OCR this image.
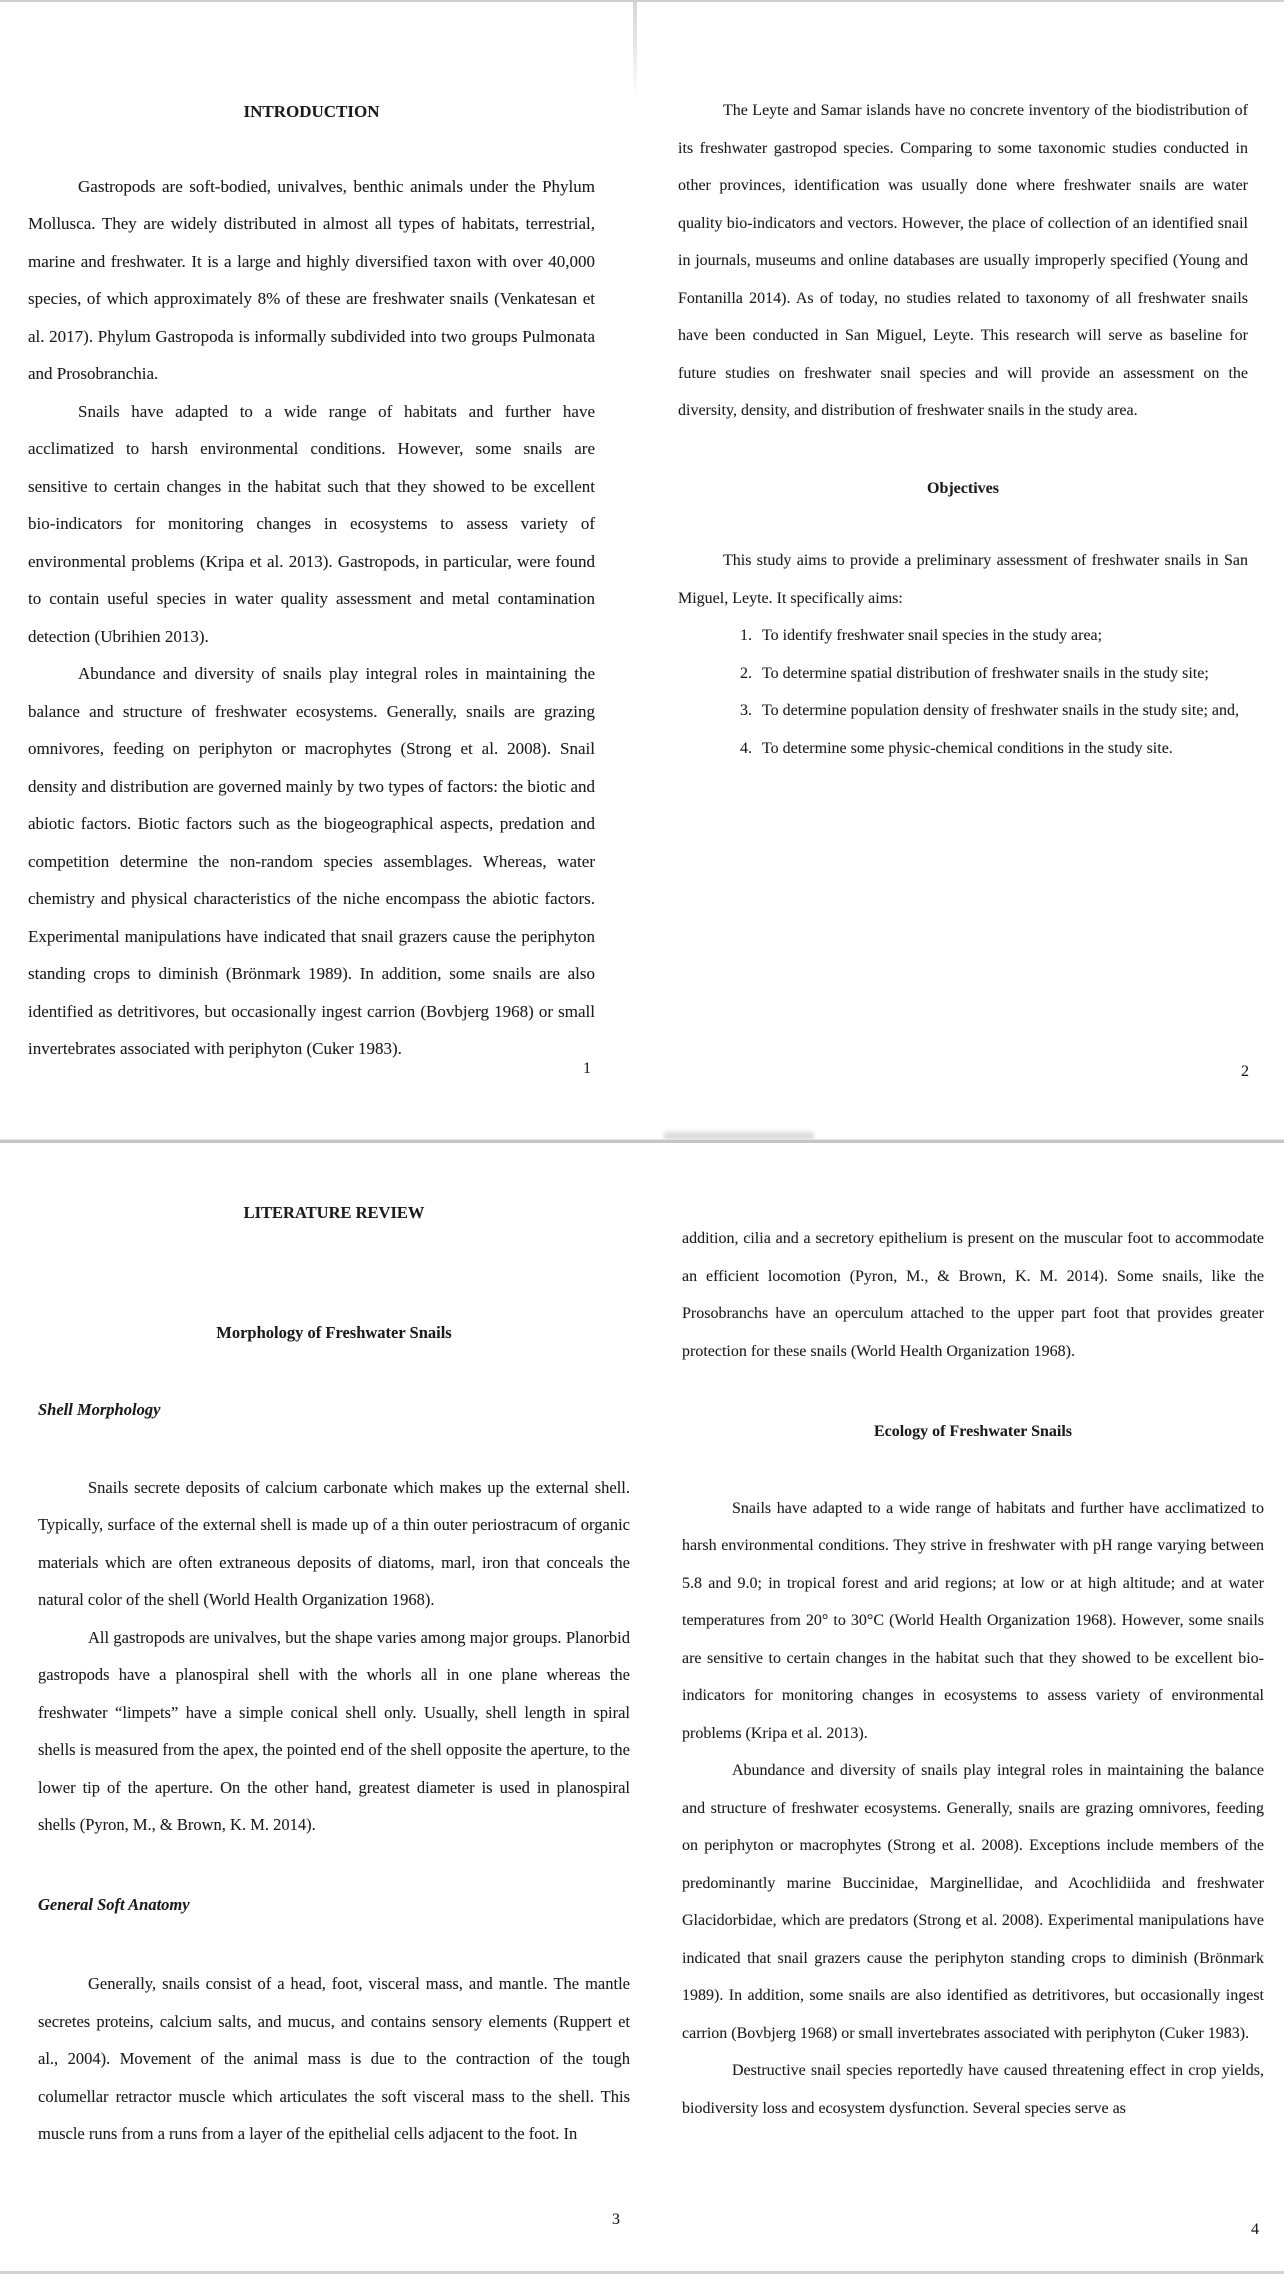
INTRODUCTION

Gastropods are soft-bodied, univalves, benthic animals under the Phylum Mollusca. They are widely distributed in almost all types of habitats, terrestrial, marine and freshwater. It is a large and highly diversified taxon with over 40,000 species, of which approximately 8% of these are freshwater snails (Venkatesan et al. 2017). Phylum Gastropoda is informally subdivided into two groups Pulmonata and Prosobranchia.

Snails have adapted to a wide range of habitats and further have acclimatized to harsh environmental conditions. However, some snails are sensitive to certain changes in the habitat such that they showed to be excellent bio-indicators for monitoring changes in ecosystems to assess variety of environmental problems (Kripa et al. 2013). Gastropods, in particular, were found to contain useful species in water quality assessment and metal contamination detection (Ubrihien 2013).

Abundance and diversity of snails play integral roles in maintaining the balance and structure of freshwater ecosystems. Generally, snails are grazing omnivores, feeding on periphyton or macrophytes (Strong et al. 2008). Snail density and distribution are governed mainly by two types of factors: the biotic and abiotic factors. Biotic factors such as the biogeographical aspects, predation and competition determine the non-random species assemblages. Whereas, water chemistry and physical characteristics of the niche encompass the abiotic factors. Experimental manipulations have indicated that snail grazers cause the periphyton standing crops to diminish (Brönmark 1989). In addition, some snails are also identified as detritivores, but occasionally ingest carrion (Bovbjerg 1968) or small invertebrates associated with periphyton (Cuker 1983).

1

The Leyte and Samar islands have no concrete inventory of the biodistribution of its freshwater gastropod species. Comparing to some taxonomic studies conducted in other provinces, identification was usually done where freshwater snails are water quality bio-indicators and vectors. However, the place of collection of an identified snail in journals, museums and online databases are usually improperly specified (Young and Fontanilla 2014). As of today, no studies related to taxonomy of all freshwater snails have been conducted in San Miguel, Leyte. This research will serve as baseline for future studies on freshwater snail species and will provide an assessment on the diversity, density, and distribution of freshwater snails in the study area.

Objectives

This study aims to provide a preliminary assessment of freshwater snails in San Miguel, Leyte. It specifically aims:

1. To identify freshwater snail species in the study area;
2. To determine spatial distribution of freshwater snails in the study site;
3. To determine population density of freshwater snails in the study site; and,
4. To determine some physic-chemical conditions in the study site.
2
LITERATURE REVIEW
Morphology of Freshwater Snails
Shell Morphology

Snails secrete deposits of calcium carbonate which makes up the external shell. Typically, surface of the external shell is made up of a thin outer periostracum of organic materials which are often extraneous deposits of diatoms, marl, iron that conceals the natural color of the shell (World Health Organization 1968).

All gastropods are univalves, but the shape varies among major groups. Planorbid gastropods have a planospiral shell with the whorls all in one plane whereas the freshwater “limpets” have a simple conical shell only. Usually, shell length in spiral shells is measured from the apex, the pointed end of the shell opposite the aperture, to the lower tip of the aperture. On the other hand, greatest diameter is used in planospiral shells (Pyron, M., & Brown, K. M. 2014).

General Soft Anatomy

Generally, snails consist of a head, foot, visceral mass, and mantle. The mantle secretes proteins, calcium salts, and mucus, and contains sensory elements (Ruppert et al., 2004). Movement of the animal mass is due to the contraction of the tough columellar retractor muscle which articulates the soft visceral mass to the shell. This muscle runs from a runs from a layer of the epithelial cells adjacent to the foot. In

3

addition, cilia and a secretory epithelium is present on the muscular foot to accommodate an efficient locomotion (Pyron, M., & Brown, K. M. 2014). Some snails, like the Prosobranchs have an operculum attached to the upper part foot that provides greater protection for these snails (World Health Organization 1968).

Ecology of Freshwater Snails

Snails have adapted to a wide range of habitats and further have acclimatized to harsh environmental conditions. They strive in freshwater with pH range varying between 5.8 and 9.0; in tropical forest and arid regions; at low or at high altitude; and at water temperatures from 20° to 30°C (World Health Organization 1968). However, some snails are sensitive to certain changes in the habitat such that they showed to be excellent bio-indicators for monitoring changes in ecosystems to assess variety of environmental problems (Kripa et al. 2013).

Abundance and diversity of snails play integral roles in maintaining the balance and structure of freshwater ecosystems. Generally, snails are grazing omnivores, feeding on periphyton or macrophytes (Strong et al. 2008). Exceptions include members of the predominantly marine Buccinidae, Marginellidae, and Acochlidiida and freshwater Glacidorbidae, which are predators (Strong et al. 2008). Experimental manipulations have indicated that snail grazers cause the periphyton standing crops to diminish (Brönmark 1989). In addition, some snails are also identified as detritivores, but occasionally ingest carrion (Bovbjerg 1968) or small invertebrates associated with periphyton (Cuker 1983).

Destructive snail species reportedly have caused threatening effect in crop yields, biodiversity loss and ecosystem dysfunction. Several species serve as

4
